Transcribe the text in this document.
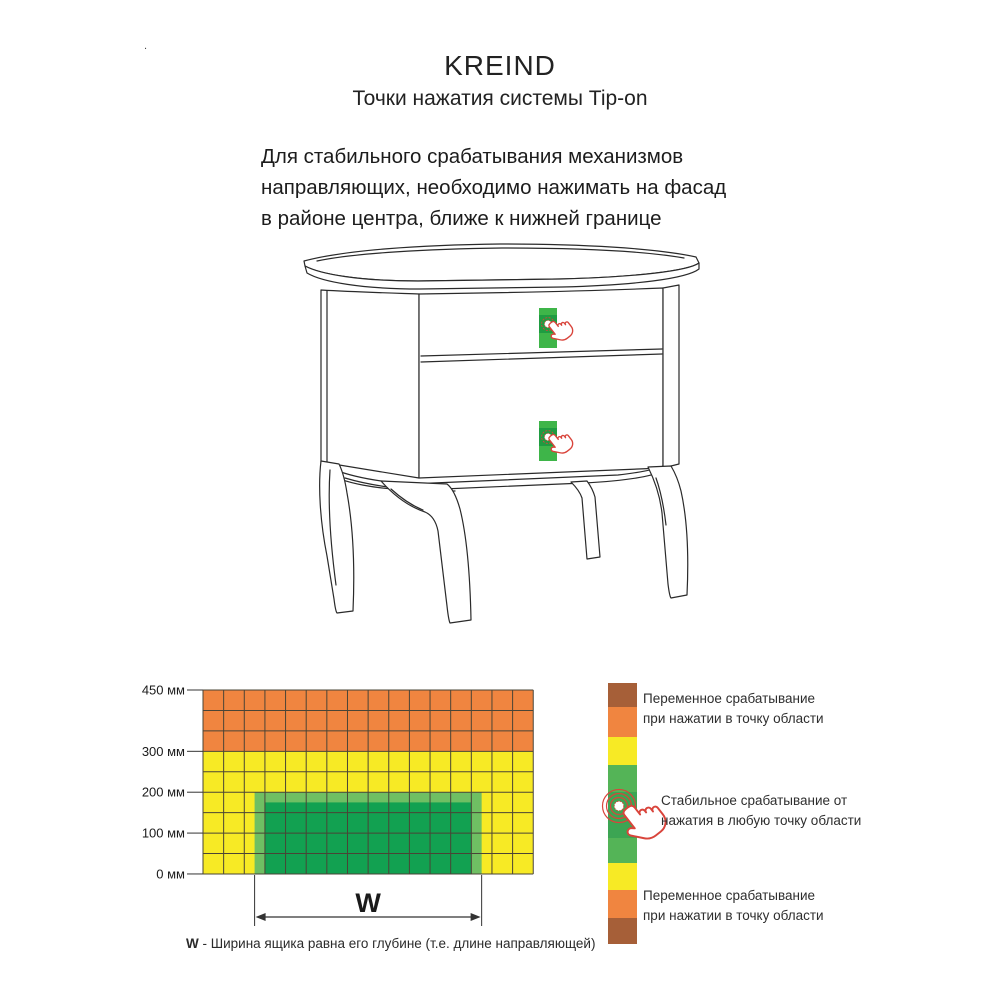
.
KREIND
Точки нажатия системы Tip-on
Для стабильного срабатывания механизмов
направляющих, необходимо нажимать на фасад
в районе центра, ближе к нижней границе
450 мм
300 мм
200 мм
100 мм
0 мм
W
Переменное срабатывание
при нажатии в точку области
Стабильное срабатывание от
нажатия в любую точку области
Переменное срабатывание
при нажатии в точку области
W - Ширина ящика равна его глубине (т.е. длине направляющей)
